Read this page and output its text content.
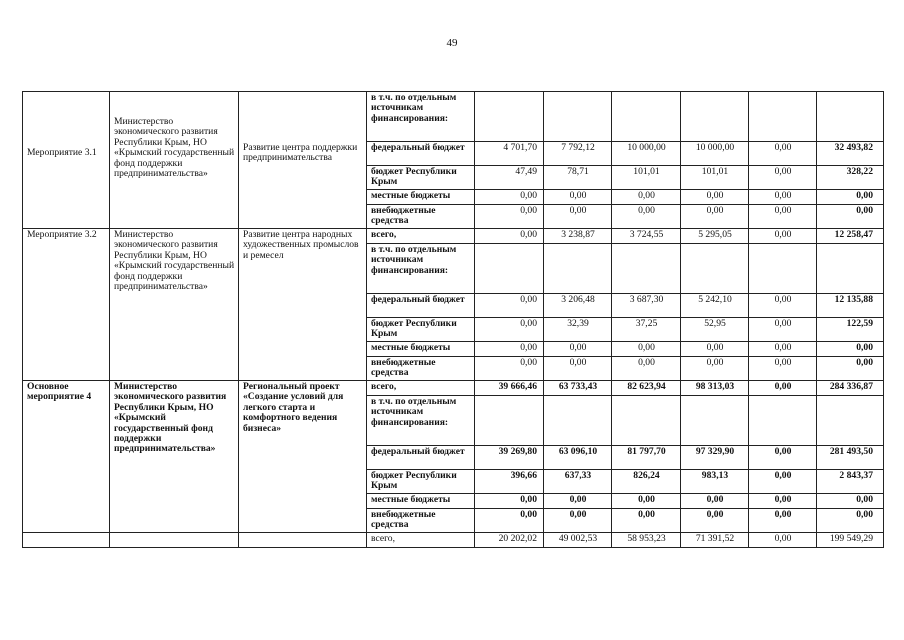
49
Мероприятие 3.1	Министерство экономического развития Республики Крым, НО «Крымский государственный фонд поддержки предпринимательства»	Развитие центра поддержки предпринимательства	в т.ч. по отдельным источникам финансирования:						
			федеральный бюджет	4 701,70	7 792,12	10 000,00	10 000,00	0,00	32 493,82
			бюджет Республики Крым	47,49	78,71	101,01	101,01	0,00	328,22
			местные бюджеты	0,00	0,00	0,00	0,00	0,00	0,00
			внебюджетные средства	0,00	0,00	0,00	0,00	0,00	0,00
Мероприятие 3.2	Министерство экономического развития Республики Крым, НО «Крымский государственный фонд поддержки предпринимательства»	Развитие центра народных художественных промыслов и ремесел	всего,	0,00	3 238,87	3 724,55	5 295,05	0,00	12 258,47
			в т.ч. по отдельным источникам финансирования:						
			федеральный бюджет	0,00	3 206,48	3 687,30	5 242,10	0,00	12 135,88
			бюджет Республики Крым	0,00	32,39	37,25	52,95	0,00	122,59
			местные бюджеты	0,00	0,00	0,00	0,00	0,00	0,00
			внебюджетные средства	0,00	0,00	0,00	0,00	0,00	0,00
Основное мероприятие 4	Министерство экономического развития Республики Крым, НО «Крымский государственный фонд поддержки предпринимательства»	Региональный проект «Создание условий для легкого старта и комфортного ведения бизнеса»	всего,	39 666,46	63 733,43	82 623,94	98 313,03	0,00	284 336,87
			в т.ч. по отдельным источникам финансирования:						
			федеральный бюджет	39 269,80	63 096,10	81 797,70	97 329,90	0,00	281 493,50
			бюджет Республики Крым	396,66	637,33	826,24	983,13	0,00	2 843,37
			местные бюджеты	0,00	0,00	0,00	0,00	0,00	0,00
			внебюджетные средства	0,00	0,00	0,00	0,00	0,00	0,00
			всего,	20 202,02	49 002,53	58 953,23	71 391,52	0,00	199 549,29
